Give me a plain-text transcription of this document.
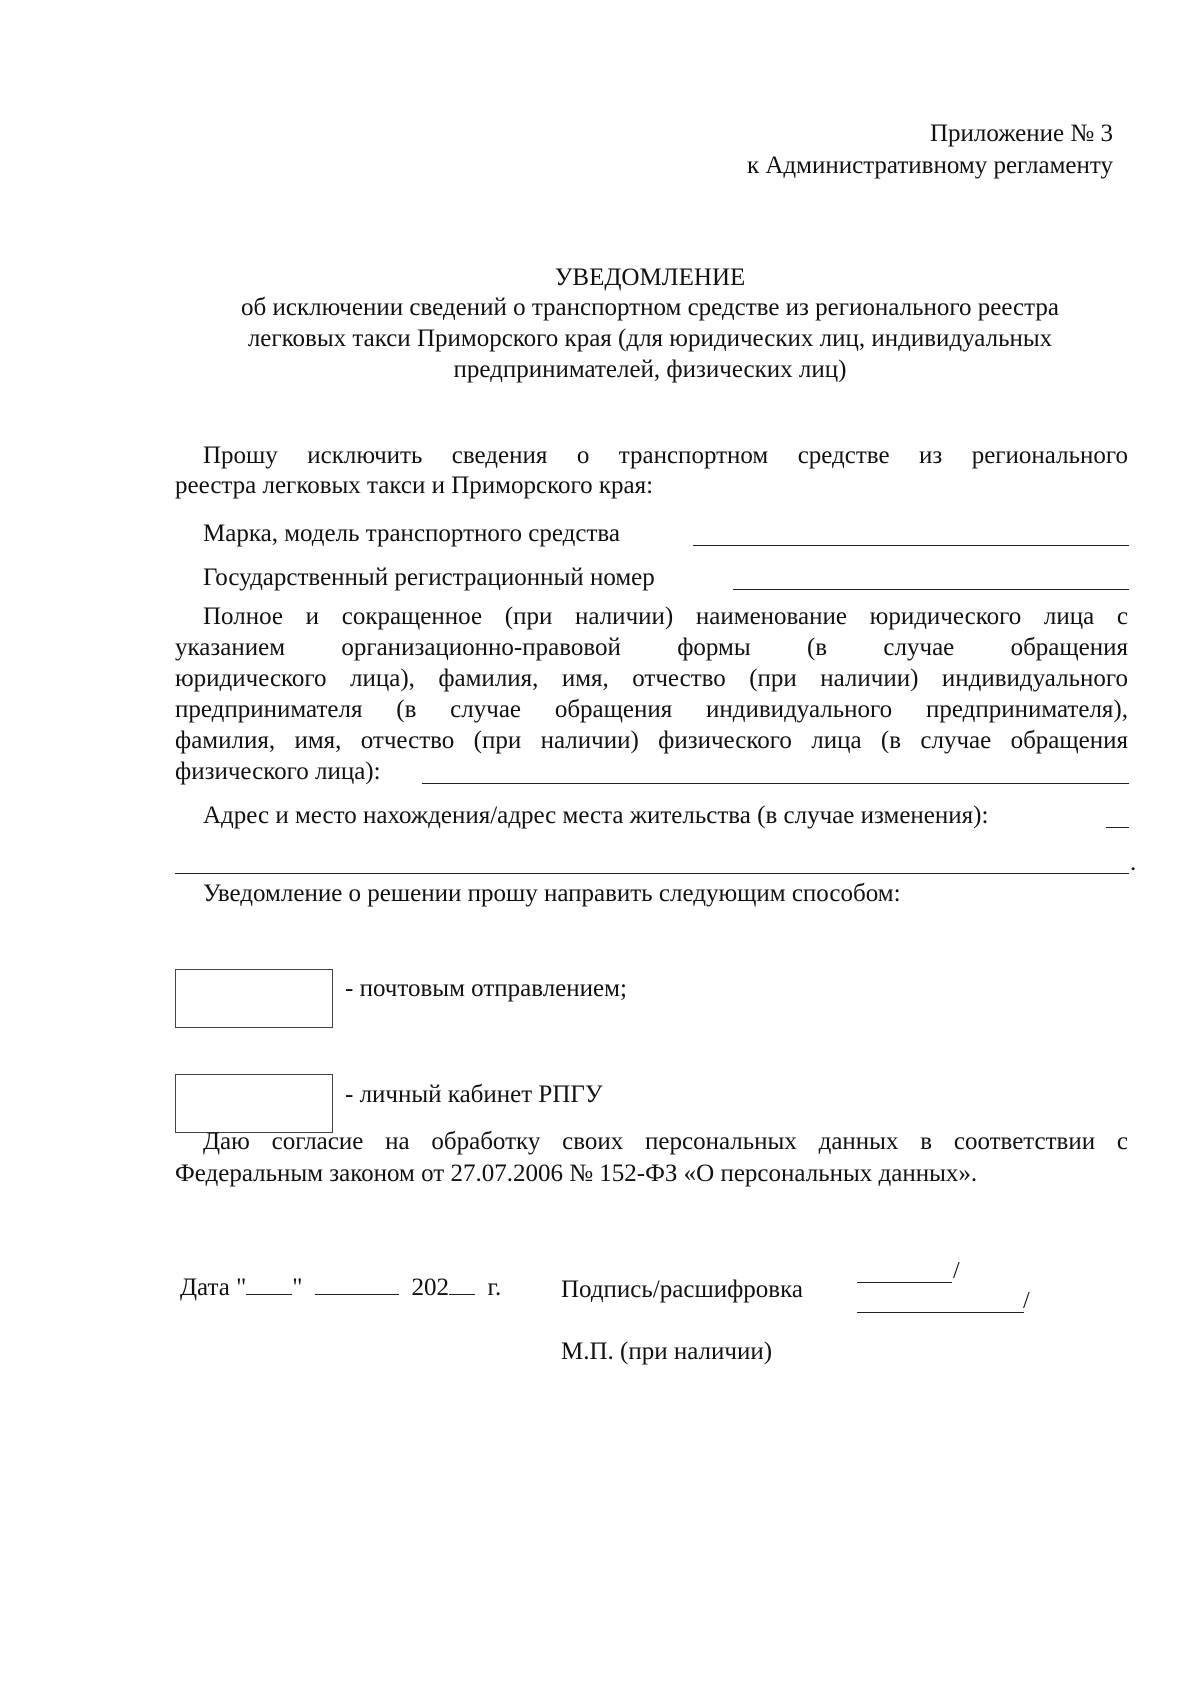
Приложение № 3
к Административному регламенту
УВЕДОМЛЕНИЕ
об исключении сведений о транспортном средстве из регионального реестра
легковых такси Приморского края (для юридических лиц, индивидуальных
предпринимателей, физических лиц)
Прошу исключить сведения о транспортном средстве из регионального
реестра легковых такси и Приморского края:
Марка, модель транспортного средства
Государственный регистрационный номер
Полное и сокращенное (при наличии) наименование юридического лица с
указанием организационно-правовой формы (в случае обращения
юридического лица), фамилия, имя, отчество (при наличии) индивидуального
предпринимателя (в случае обращения индивидуального предпринимателя),
фамилия, имя, отчество (при наличии) физического лица (в случае обращения
физического лица):
Адрес и место нахождения/адрес места жительства (в случае изменения):
.
Уведомление о решении прошу направить следующим способом:
- почтовым отправлением;
- личный кабинет РПГУ
Даю согласие на обработку своих персональных данных в соответствии с
Федеральным законом от 27.07.2006 № 152-ФЗ «О персональных данных».
Дата " "	202 г. Подпись/расшифровка
/
/
М.П. (при наличии)
